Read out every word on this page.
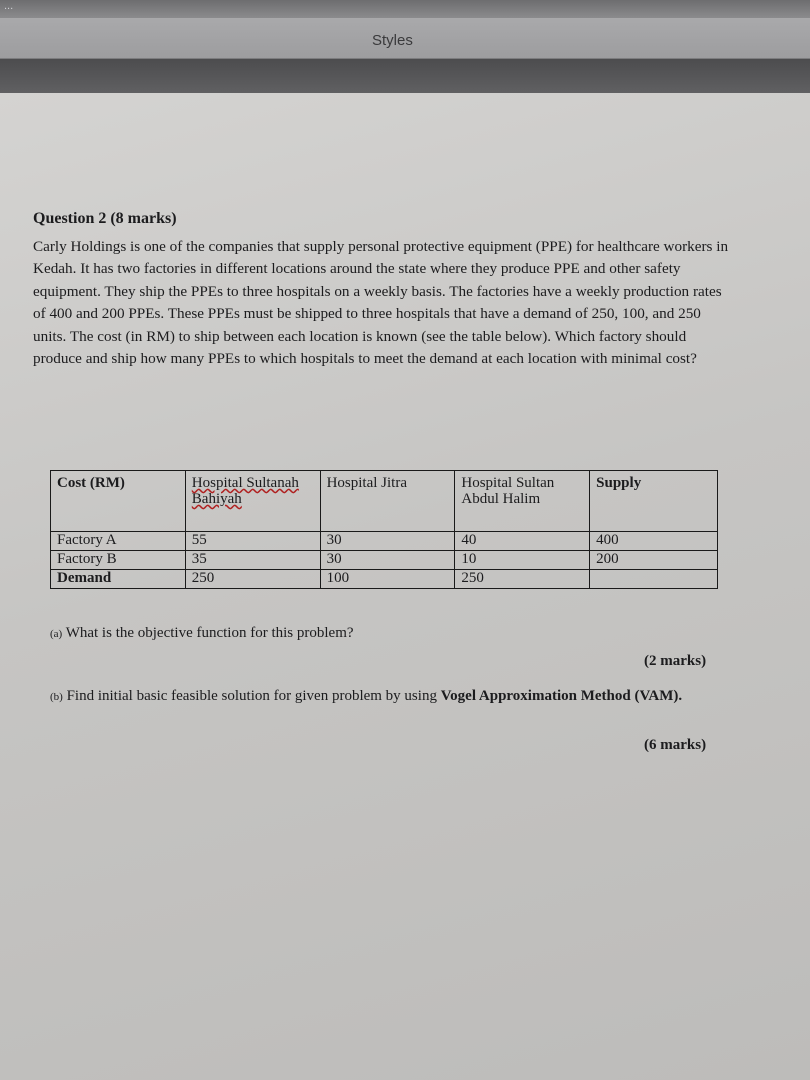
...
Styles
Question 2 (8 marks)

Carly Holdings is one of the companies that supply personal protective equipment (PPE) for healthcare workers in Kedah. It has two factories in different locations around the state where they produce PPE and other safety equipment. They ship the PPEs to three hospitals on a weekly basis. The factories have a weekly production rates of 400 and 200 PPEs. These PPEs must be shipped to three hospitals that have a demand of 250, 100, and 250 units. The cost (in RM) to ship between each location is known (see the table below). Which factory should produce and ship how many PPEs to which hospitals to meet the demand at each location with minimal cost?

Cost (RM)	Hospital Sultanah Bahiyah	Hospital Jitra	Hospital Sultan Abdul Halim	Supply
Factory A	55	30	40	400
Factory B	35	30	10	200
Demand	250	100	250	
(a) What is the objective function for this problem?
(2 marks)
(b) Find initial basic feasible solution for given problem by using Vogel Approximation Method (VAM).
(6 marks)
